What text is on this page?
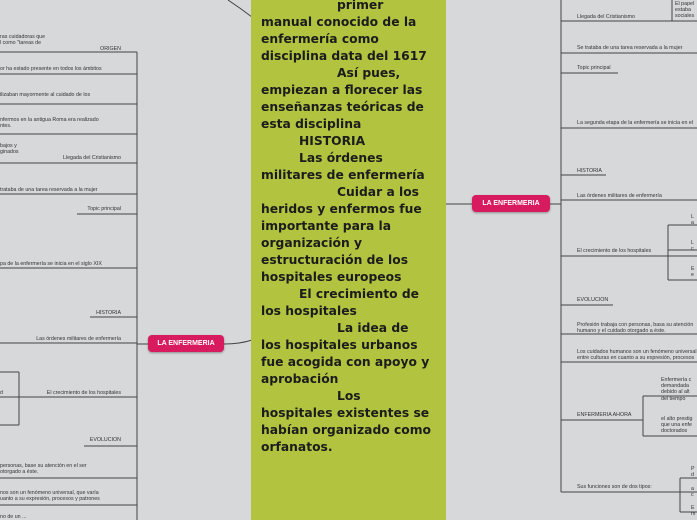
ras cuidadoras que
l como "tareas de
ORIGEN
or ha estado presente en todos los ámbitos
ilizaban mayormente al cuidado de los
nfermos en la antigua Roma era realizado
ntes.
bajos y
ginados
Llegada del Cristianismo
trataba de una tarea reservada a la mujer
Topic principal
pa de la enfermería se inicia en el siglo XIX
HISTORIA
Las órdenes militares de enfermería
d	El crecimiento de los hospitales
EVOLUCION
personas, base su atención en el ser
otorgado a éste.
nos son un fenómeno universal, que varía
uanto a su expresión, procesos y patrones
no de un ...
LA ENFERMERIA

primer

manual conocido de la enfermería como disciplina data del 1617

Así pues,

empiezan a florecer las enseñanzas teóricas de esta disciplina

HISTORIA

Las órdenes

militares de enfermería

Cuidar a los

heridos y enfermos fue importante para la organización y estructuración de los hospitales europeos

El crecimiento de

los hospitales

La idea de

los hospitales urbanos fue acogida con apoyo y aprobación

Los

hospitales existentes se habían organizado como orfanatos.

LA ENFERMERIA
El papel
estaba
sociales
Llegada del Cristianismo
Se trataba de una tarea reservada a la mujer
Topic principal
La segunda etapa de la enfermería se inicia en el
HISTORIA
Las órdenes militares de enfermería
El crecimiento de los hospitales
L
a
L
c
E
e
EVOLUCION
Profesión trabaja con personas, basa su atención
humano y el cuidado otorgado a éste.
Los cuidados humanos son un fenómeno universal
entre culturas en cuanto a su expresión, procesos
ENFERMERIA AHORA
Enfermería c
demandada
debido al alt
del tiempo
el alto prestig
que una enfe
doctorados
Sus funciones son de dos tipos:
P
d
a
c
E
m
